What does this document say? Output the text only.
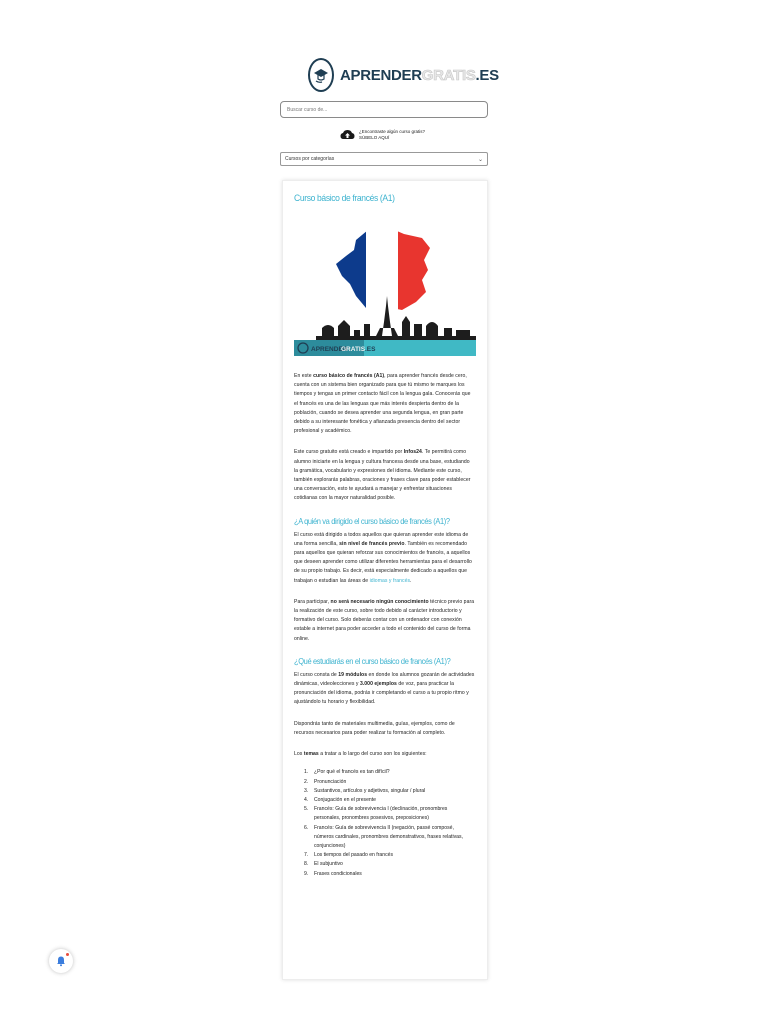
APRENDERGRATIS.ES
Buscar curso de...
¿Encontraste algún curso gratis?
SÚBELO AQUÍ
Cursos por categorías	⌄
Curso básico de francés (A1)
APRENDER
GRATIS .ES

En este curso básico de francés (A1), para aprender francés desde cero, cuenta con un sistema bien organizado para que tú mismo te marques los tiempos y tengas un primer contacto fácil con la lengua gala. Conocerás que el francés es una de las lenguas que más interés despierta dentro de la población, cuando se desea aprender una segunda lengua, en gran parte debido a su interesante fonética y afianzada presencia dentro del sector profesional y académico.

Este curso gratuito está creado e impartido por Infos24. Te permitirá como alumno iniciarte en la lengua y cultura francesa desde una base, estudiando la gramática, vocabulario y expresiones del idioma. Mediante este curso, también explorarás palabras, oraciones y frases clave para poder establecer una conversación, esto te ayudará a manejar y enfrentar situaciones cotidianas con la mayor naturalidad posible.

¿A quién va dirigido el curso básico de francés (A1)?

El curso está dirigido a todos aquellos que quieran aprender este idioma de una forma sencilla, sin nivel de francés previo. También es recomendado para aquellos que quieran reforzar sus conocimientos de francés, a aquellos que deseen aprender como utilizar diferentes herramientas para el desarrollo de su propio trabajo. Es decir, está especialmente dedicado a aquellos que trabajan o estudian las áreas de idiomas y francés.

Para participar, no será necesario ningún conocimiento técnico previo para la realización de este curso, sobre todo debido al carácter introductorio y formativo del curso. Solo deberás contar con un ordenador con conexión estable a internet para poder acceder a todo el contenido del curso de forma online.

¿Qué estudiarás en el curso básico de francés (A1)?

El curso consta de 19 módulos en donde los alumnos gozarán de actividades dinámicas, videolecciones y 3.000 ejemplos de voz, para practicar la pronunciación del idioma, podrás ir completando el curso a tu propio ritmo y ajustándolo tu horario y flexibilidad.

Dispondrás tanto de materiales multimedia, guías, ejemplos, como de recursos necesarios para poder realizar tu formación al completo.

Los temas a tratar a lo largo del curso son los siguientes:

1.	¿Por qué el francés es tan difícil?
2.	Pronunciación
3.	Sustantivos, artículos y adjetivos, singular / plural
4.	Conjugación en el presente
5.	Francés: Guía de sobrevivencia I (declinación, pronombres personales, pronombres posesivos, preposiciones)
6.	Francés: Guía de sobrevivencia II (negación, passé composé, números cardinales, pronombres demonstrativos, frases relativas, conjunciones)
7.	Los tiempos del pasado en francés
8.	El subjuntivo
9.	Frases condicionales
